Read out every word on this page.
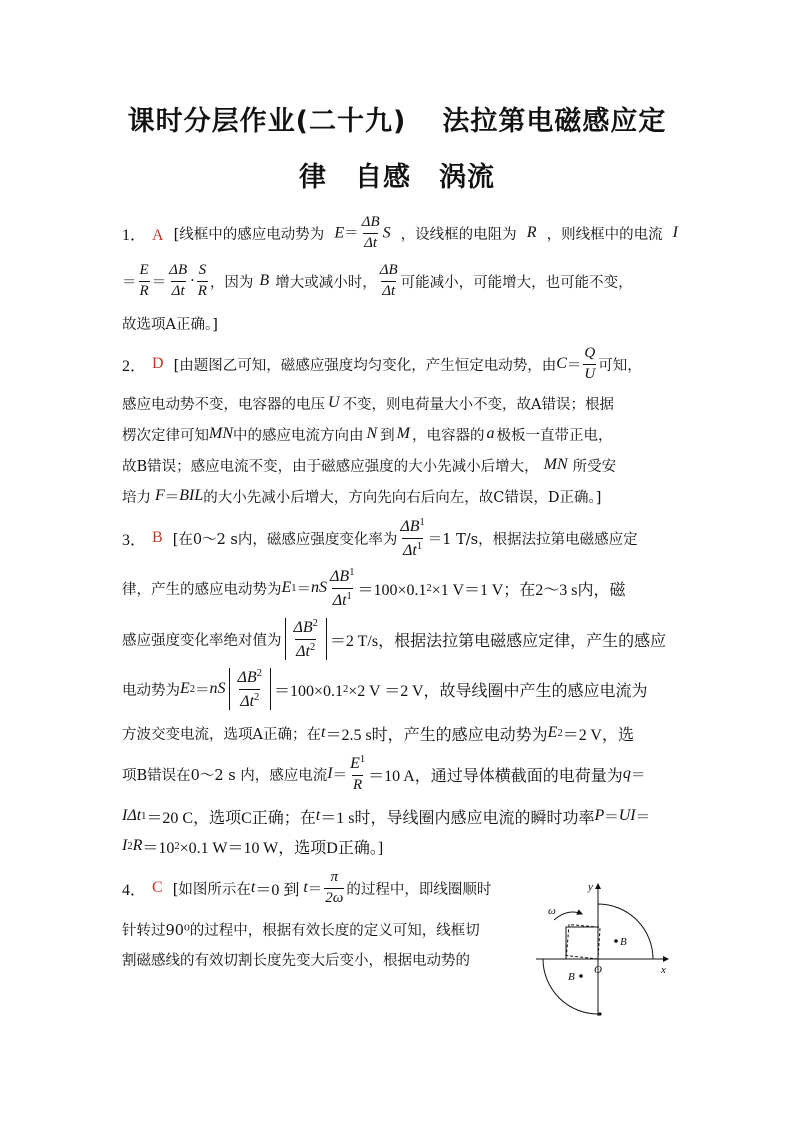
课时分层作业(二十九) 法拉第电磁感应定
律 自感 涡流
1． A [线框中的感应电动势为 $E= \frac{\Delta B}{\Delta t}$ S ，设线框的电阻为 R ，则线框中的电流 I
＝ $\frac{E}{R} = \frac{\Delta B}{\Delta t} \cdot \frac{S}{R}$ ，因为 B 增大或减小时， $\frac{\Delta B}{\Delta t}$ 可能减小，可能增大，也可能不变，
故选项A正确。]
2． D [由题图乙可知，磁感应强度均匀变化，产生恒定电动势，由 $C = \frac{Q}{U}$ 可知，
感应电动势不变，电容器的电压 U 不变，则电荷量大小不变，故A错误；根据
楞次定律可知 MN 中的感应电流方向由 N 到 M ，电容器的 a 极板一直带正电，
故B错误；感应电流不变，由于磁感应强度的大小先减小后增大， MN 所受安
培力 F ＝ BIL 的大小先减小后增大，方向先向右后向左，故C错误，D正确。]
3． B [在0～2 s内，磁感应强度变化率为 $\frac{\Delta B^1}{\Delta t^1} =1$ T/s，根据法拉第电磁感应定
律，产生的感应电动势为 E 1 ＝ nS $\frac{\Delta B^1}{\Delta t^1} =100\times 0.1$ 2 ×1 V＝1 V；在2～3 s内，磁
感应强度变化率绝对值为 $\frac{\Delta B^2}{\Delta t^2} =2$ T/s，根据法拉第电磁感应定律，产生的感应
电动势为 E 2 ＝ nS $\frac{\Delta B^2}{\Delta t^2} =100\times 0.1$ 2 ×2 V ＝2 V，故导线圈中产生的感应电流为
方波交变电流，选项A正确；在 t ＝2.5 s时，产生的感应电动势为 E 2 ＝2 V，选
项B错误在0～2 s 内，感应电流 $I = \frac{E^1}{R} =10$ A，通过导体横截面的电荷量为 q ＝
I Δt 1 ＝20 C，选项C正确；在 t ＝1 s时，导线圈内感应电流的瞬时功率 P ＝ UI ＝
I 2 R ＝10 2 ×0.1 W＝10 W，选项D正确。]
4． C [如图所示在 t ＝0 到 $t = \frac{\pi}{2\omega}$ 的过程中，即线圈顺时
针转过90⁰的过程中，根据有效长度的定义可知，线框切
割磁感线的有效切割长度先变大后变小，根据电动势的
y
x
O
ω
B
B
